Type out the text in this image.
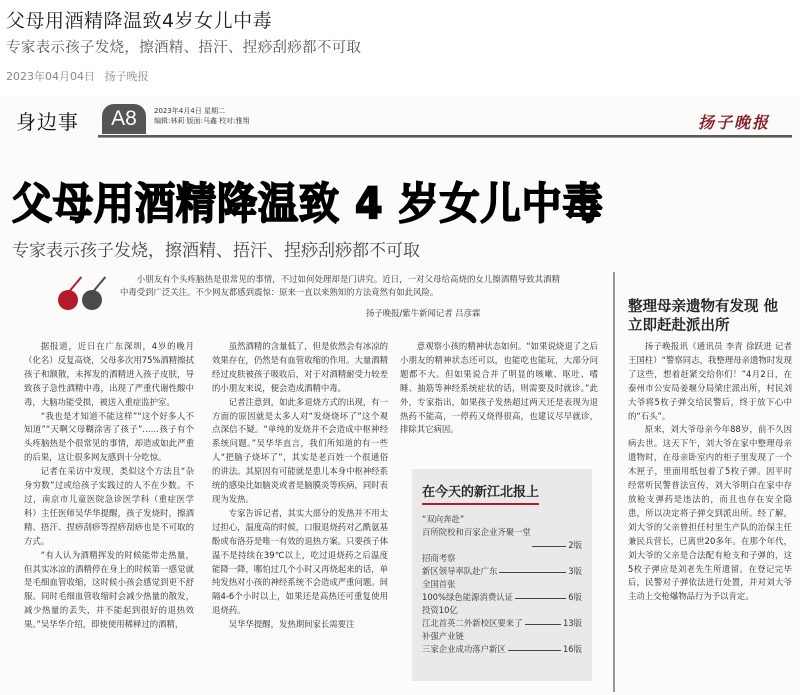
父母用酒精降温致4岁女儿中毒
专家表示孩子发烧，擦酒精、捂汗、捏痧刮痧都不可取
2023年04月04日 扬子晚报
身边事	A8	2023年4月4日 星期二
编辑:林莉 版面:马鑫 校对:雅翔	扬子晚报
父母用酒精降温致 4 岁女儿中毒
专家表示孩子发烧，擦酒精、捂汗、捏痧刮痧都不可取
小朋友有个头疼脑热是很常见的事情，不过如何处理却是门讲究。近日，一对父母给高烧的女儿擦酒精导致其酒精中毒受到广泛关注。不少网友都感到震惊：原来一直以来熟知的方法竟然有如此风险。
扬子晚报/紫牛新闻记者 吕彦霖	整理母亲遗物有发现 他立即赶赴派出所

据报道，近日在广东深圳，4岁的晚月（化名）反复高烧，父母多次用75%酒精擦拭孩子和额散，未挥发的酒精进入孩子皮肤，导致孩子急性酒精中毒，出现了严重代谢性酸中毒，大脑功能受损，被送入重症监护室。

“我也是才知道不能这样”“这个好多人不知道”“天啊父母糊涂害了孩子”……孩子有个头疼脑热是个很常见的事情，却造成如此严重的后果，这让很多网友感到十分吃惊。

记者在采访中发现，类似这个方法且“杂身穷数”过或给孩子实践过的人不在少数。不过，南京市儿童医院急诊医学科（重症医学科）主任医师吴华华提醒，孩子发烧时，擦酒精、捂汗、捏痧刮痧等捏痧刮痧也是不可取的方式。

“有人认为酒精挥发的时候能带走热量，但其实冰凉的酒精停在身上的时候第一感觉就是毛细血管收缩，这时候小孩会感觉到更不舒服。同时毛细血管收缩时会减少热量的散发，减少热量的丢失，并不能起到很好的退热效果。”吴华华介绍，即使使用稀释过的酒精，

虽然酒精的含量低了，但是依然会有冰凉的效果存在，仍然是有血管收缩的作用。大量酒精经过皮肤被孩子吸收后，对于对酒精耐受力较差的小朋友来说，便会造成酒精中毒。

记者注意到，如此多退烧方式的出现，有一方面的原因就是太多人对“发烧烧坏了”这个观点深信不疑。“单纯的发烧并不会造成中枢神经系统问题。”吴华华直言，我们所知道的有一些人“把脑子烧坏了”，其实是老百姓一个很通俗的讲法。其原因有可能就是患儿本身中枢神经系统的感染比如脑炎或者是脑膜炎等疾病，同时表现为发热。

专家告诉记者，其实大部分的发热并不用太过担心，温度高的时候，口服退烧药对乙酰氨基酚或布洛芬是唯一有效的退热方案。只要孩子体温不是持续在39℃以上，吃过退烧药之后温度能降一降，哪怕过几个小时又再烧起来的话，单纯发热对小孩的神经系统不会造成严重问题。间隔4-6个小时以上，如果还是高热还可重复使用退烧药。

吴华华提醒，发热期间家长需要注

意观察小孩的精神状态如何。“如果说烧退了之后小朋友的精神状态还可以，也能吃也能玩，大部分问题都不大。但如果说合并了明显的咳嗽、呕吐、嗜睡、抽筋等神经系统症状的话，则需要及时就诊。”此外，专家指出，如果孩子发热超过两天还是表现为退热药不能高，一停药又烧得很高，也建议尽早就诊，排除其它病因。

在今天的新江北报上
“双向奔赴”
百所院校和百家企业齐聚一堂
2版
招商考察
新区领导率队赴广东	3版
全国首张
100%绿色能源消费认证	6版
投资10亿
江北首英二外新校区要来了	13版
补强产业链
三家企业成功落户新区	16版

扬子晚报讯（通讯员 李青 徐跃进 记者 王国柱）“警察同志，我整理母亲遗物时发现了这些，想着赶紧交给你们！”4月2日，在泰州市公安局姜堰分局梁庄派出所，村民刘大爷将5枚子弹交给民警后，终于放下心中的“石头”。

原来，刘大爷母亲今年88岁，前不久因病去世。这天下午，刘大爷在家中整理母亲遗物时，在母亲卧室内的柜子里发现了一个木匣子，里面用纸包着了5枚子弹。因平时经常听民警普法宣传，刘大爷明白在家中存放枪支弹药是违法的，而且也存在安全隐患，所以决定将子弹交到派出所。经了解，刘大爷的父亲曾担任村里生产队的治保主任兼民兵营长，已离世20多年。在那个年代，刘大爷的父亲是合法配有枪支和子弹的，这5枚子弹应是刘老先生所遗留。在登记完毕后，民警对子弹依法进行处置，并对刘大爷主动上交枪爆物品行为予以肯定。
